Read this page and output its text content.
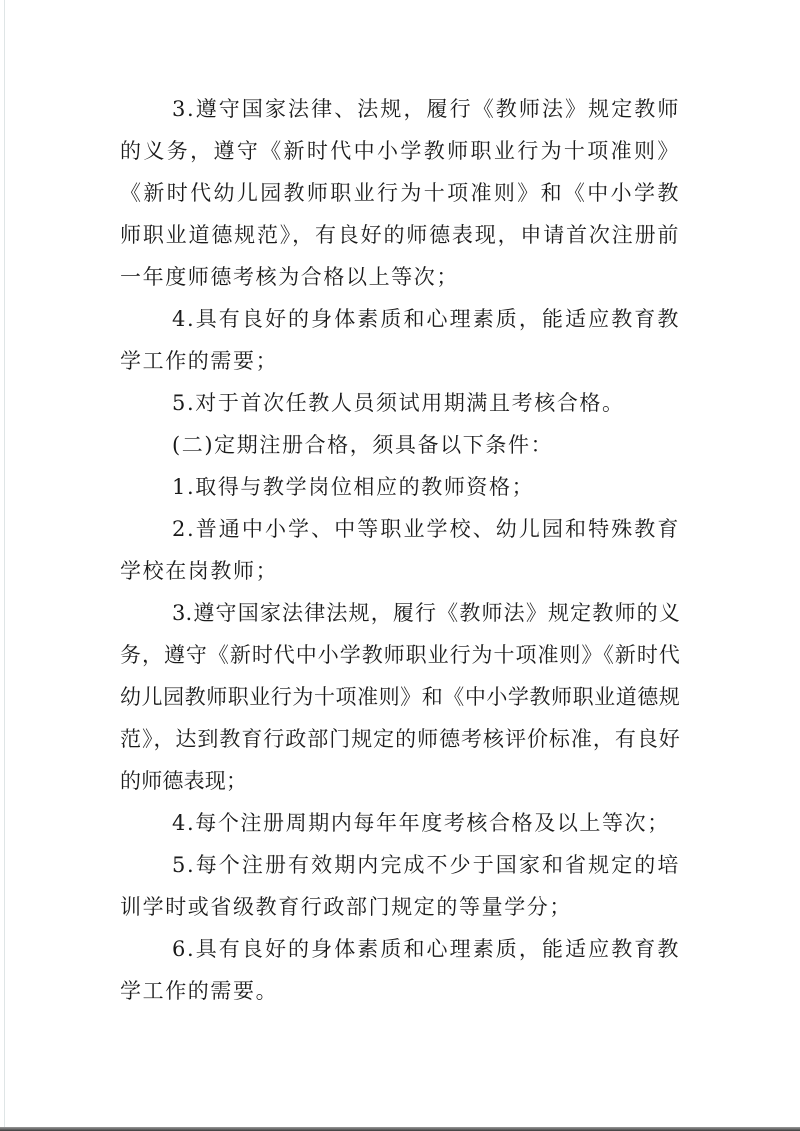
3.遵守国家法律、法规，履行《教师法》规定教师的义务，遵守《新时代中小学教师职业行为十项准则》《新时代幼儿园教师职业行为十项准则》和《中小学教师职业道德规范》，有良好的师德表现，申请首次注册前一年度师德考核为合格以上等次；

4.具有良好的身体素质和心理素质，能适应教育教学工作的需要；

5.对于首次任教人员须试用期满且考核合格。

(二)定期注册合格，须具备以下条件：

1.取得与教学岗位相应的教师资格；

2.普通中小学、中等职业学校、幼儿园和特殊教育学校在岗教师；

3.遵守国家法律法规，履行《教师法》规定教师的义务，遵守《新时代中小学教师职业行为十项准则》《新时代幼儿园教师职业行为十项准则》和《中小学教师职业道德规范》，达到教育行政部门规定的师德考核评价标准，有良好的师德表现；

4.每个注册周期内每年年度考核合格及以上等次；

5.每个注册有效期内完成不少于国家和省规定的培训学时或省级教育行政部门规定的等量学分；

6.具有良好的身体素质和心理素质，能适应教育教学工作的需要。
